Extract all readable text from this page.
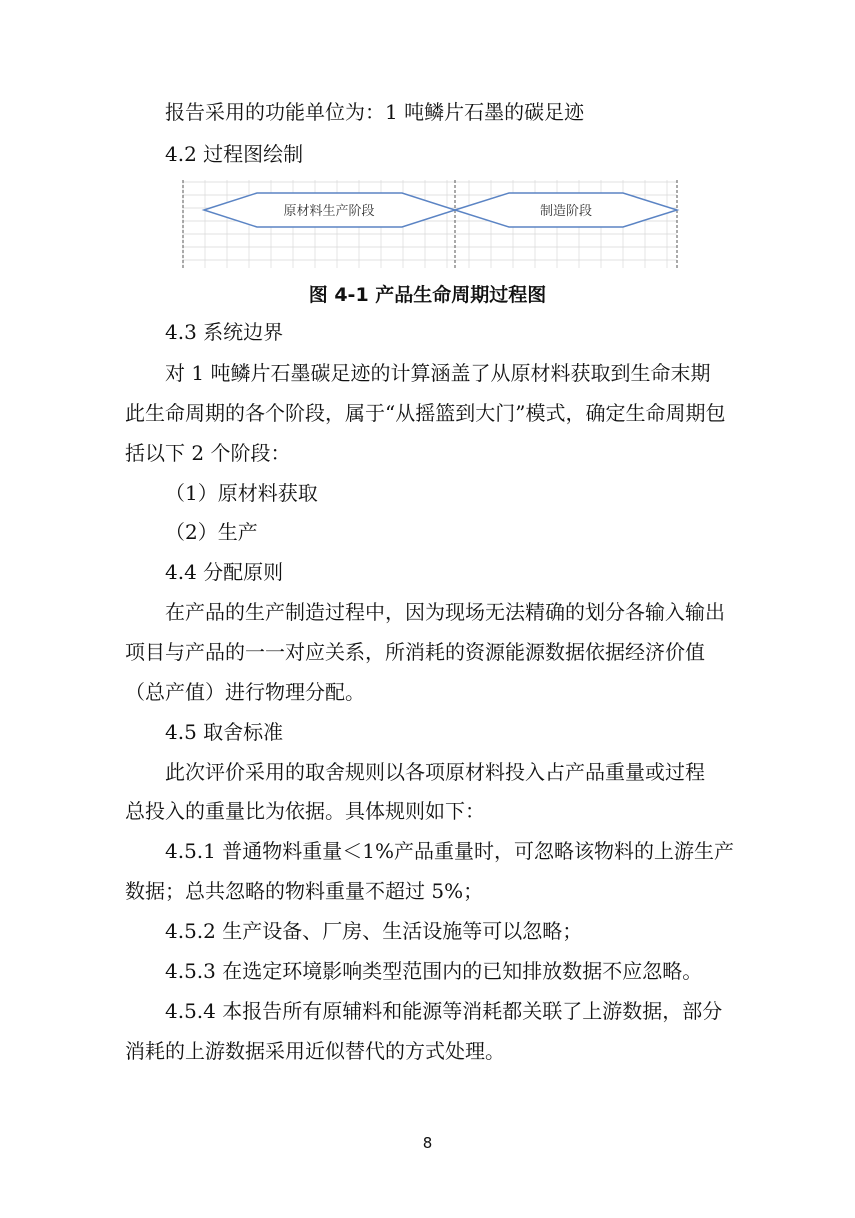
报告采用的功能单位为：1 吨鳞片石墨的碳足迹
4.2 过程图绘制
原材料生产阶段	制造阶段
图 4-1 产品生命周期过程图
4.3 系统边界
对 1 吨鳞片石墨碳足迹的计算涵盖了从原材料获取到生命末期
此生命周期的各个阶段，属于“从摇篮到大门”模式，确定生命周期包
括以下 2 个阶段：
（1）原材料获取
（2）生产
4.4 分配原则
在产品的生产制造过程中，因为现场无法精确的划分各输入输出
项目与产品的一一对应关系，所消耗的资源能源数据依据经济价值
（总产值）进行物理分配。
4.5 取舍标准
此次评价采用的取舍规则以各项原材料投入占产品重量或过程
总投入的重量比为依据。具体规则如下：
4.5.1 普通物料重量＜1%产品重量时，可忽略该物料的上游生产
数据；总共忽略的物料重量不超过 5%；
4.5.2 生产设备、厂房、生活设施等可以忽略；
4.5.3 在选定环境影响类型范围内的已知排放数据不应忽略。
4.5.4 本报告所有原辅料和能源等消耗都关联了上游数据，部分
消耗的上游数据采用近似替代的方式处理。
8
